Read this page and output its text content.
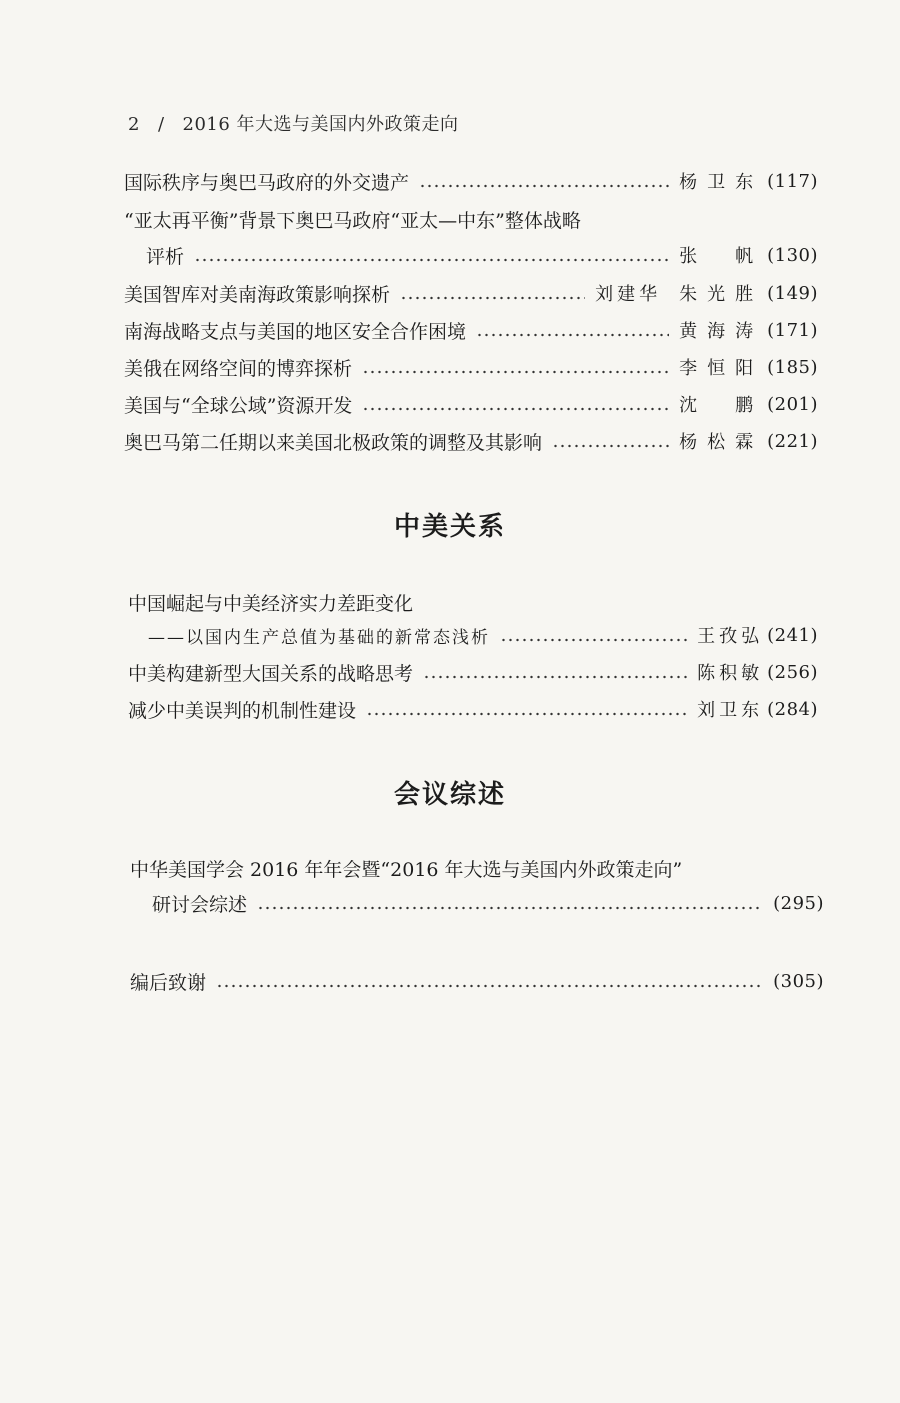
2 / 2016 年大选与美国内外政策走向
国际秩序与奥巴马政府的外交遗产	杨卫东 (117)
“亚太再平衡”背景下奥巴马政府“亚太—中东”整体战略
评析	张　帆 (130)
美国智库对美南海政策影响探析	刘建华 朱光胜 (149)
南海战略支点与美国的地区安全合作困境	黄海涛 (171)
美俄在网络空间的博弈探析	李恒阳 (185)
美国与“全球公域”资源开发	沈　鹏 (201)
奥巴马第二任期以来美国北极政策的调整及其影响	杨松霖 (221)
中美关系
中国崛起与中美经济实力差距变化
——以国内生产总值为基础的新常态浅析	王孜弘 (241)
中美构建新型大国关系的战略思考	陈积敏 (256)
减少中美误判的机制性建设	刘卫东 (284)
会议综述
中华美国学会 2016 年年会暨“2016 年大选与美国内外政策走向”
研讨会综述	(295)
编后致谢	(305)
